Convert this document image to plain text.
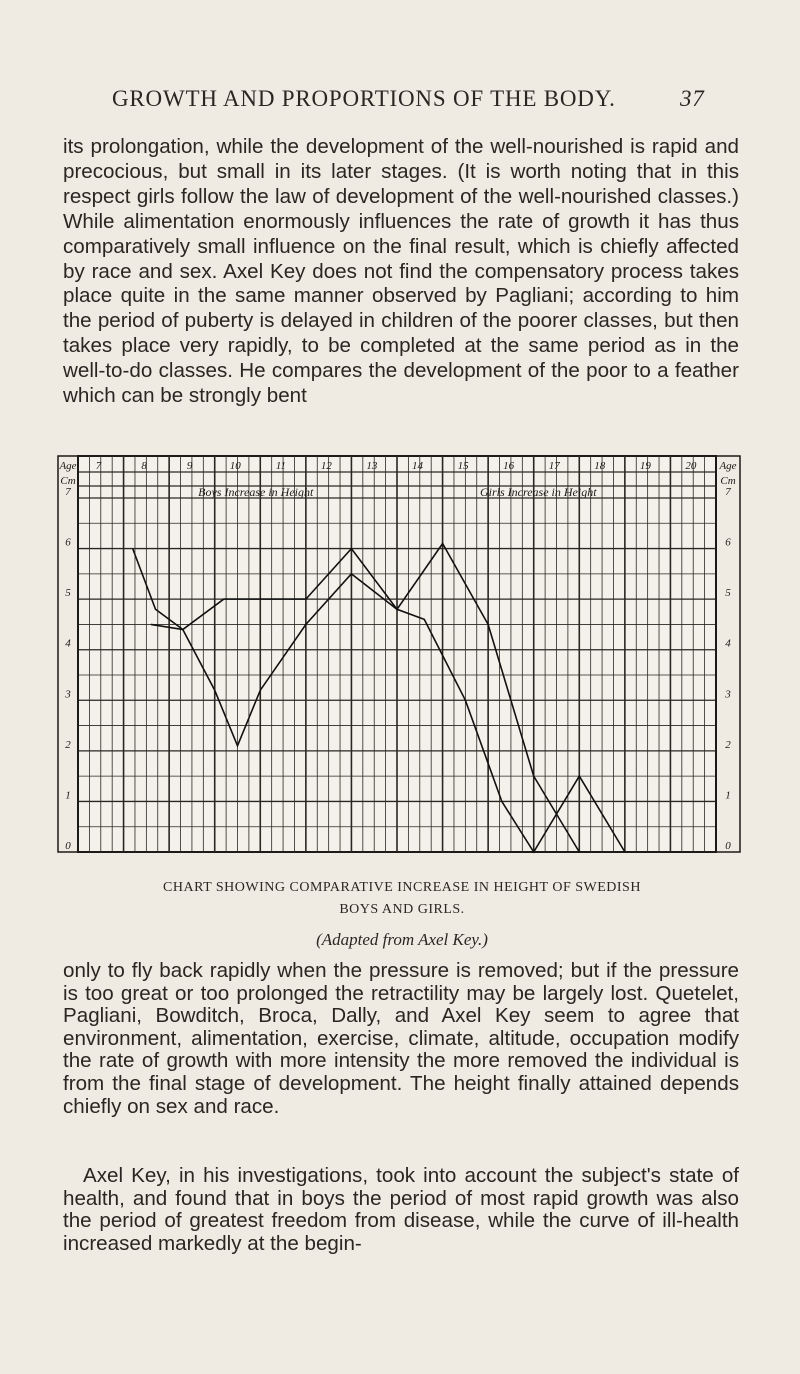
GROWTH AND PROPORTIONS OF THE BODY.	37
its prolongation, while the development of the well-nourished is rapid and precocious, but small in its later stages. (It is worth noting that in this respect girls follow the law of development of the well-nourished classes.) While alimentation enormously influences the rate of growth it has thus comparatively small influence on the final result, which is chiefly affected by race and sex. Axel Key does not find the compensatory process takes place quite in the same manner observed by Pagliani; according to him the period of puberty is delayed in children of the poorer classes, but then takes place very rapidly, to be completed at the same period as in the well-to-do classes. He compares the development of the poor to a feather which can be strongly bent
Age
Cm
Age
Cm
7	8	9	10	11	12	13	14	15	16	17	18	19	20
7	7
6	6
5	5
4	4
3	3
2	2
1	1
0	0
Boys Increase in Height	Girls Increase in Height
CHART SHOWING COMPARATIVE INCREASE IN HEIGHT OF SWEDISH
BOYS AND GIRLS.
(Adapted from Axel Key.)
only to fly back rapidly when the pressure is removed; but if the pressure is too great or too prolonged the retractility may be largely lost. Quetelet, Pagliani, Bowditch, Broca, Dally, and Axel Key seem to agree that environment, alimentation, exercise, climate, altitude, occupation modify the rate of growth with more intensity the more removed the individual is from the final stage of development. The height finally attained depends chiefly on sex and race.
Axel Key, in his investigations, took into account the subject's state of health, and found that in boys the period of most rapid growth was also the period of greatest freedom from disease, while the curve of ill-health increased markedly at the begin-
